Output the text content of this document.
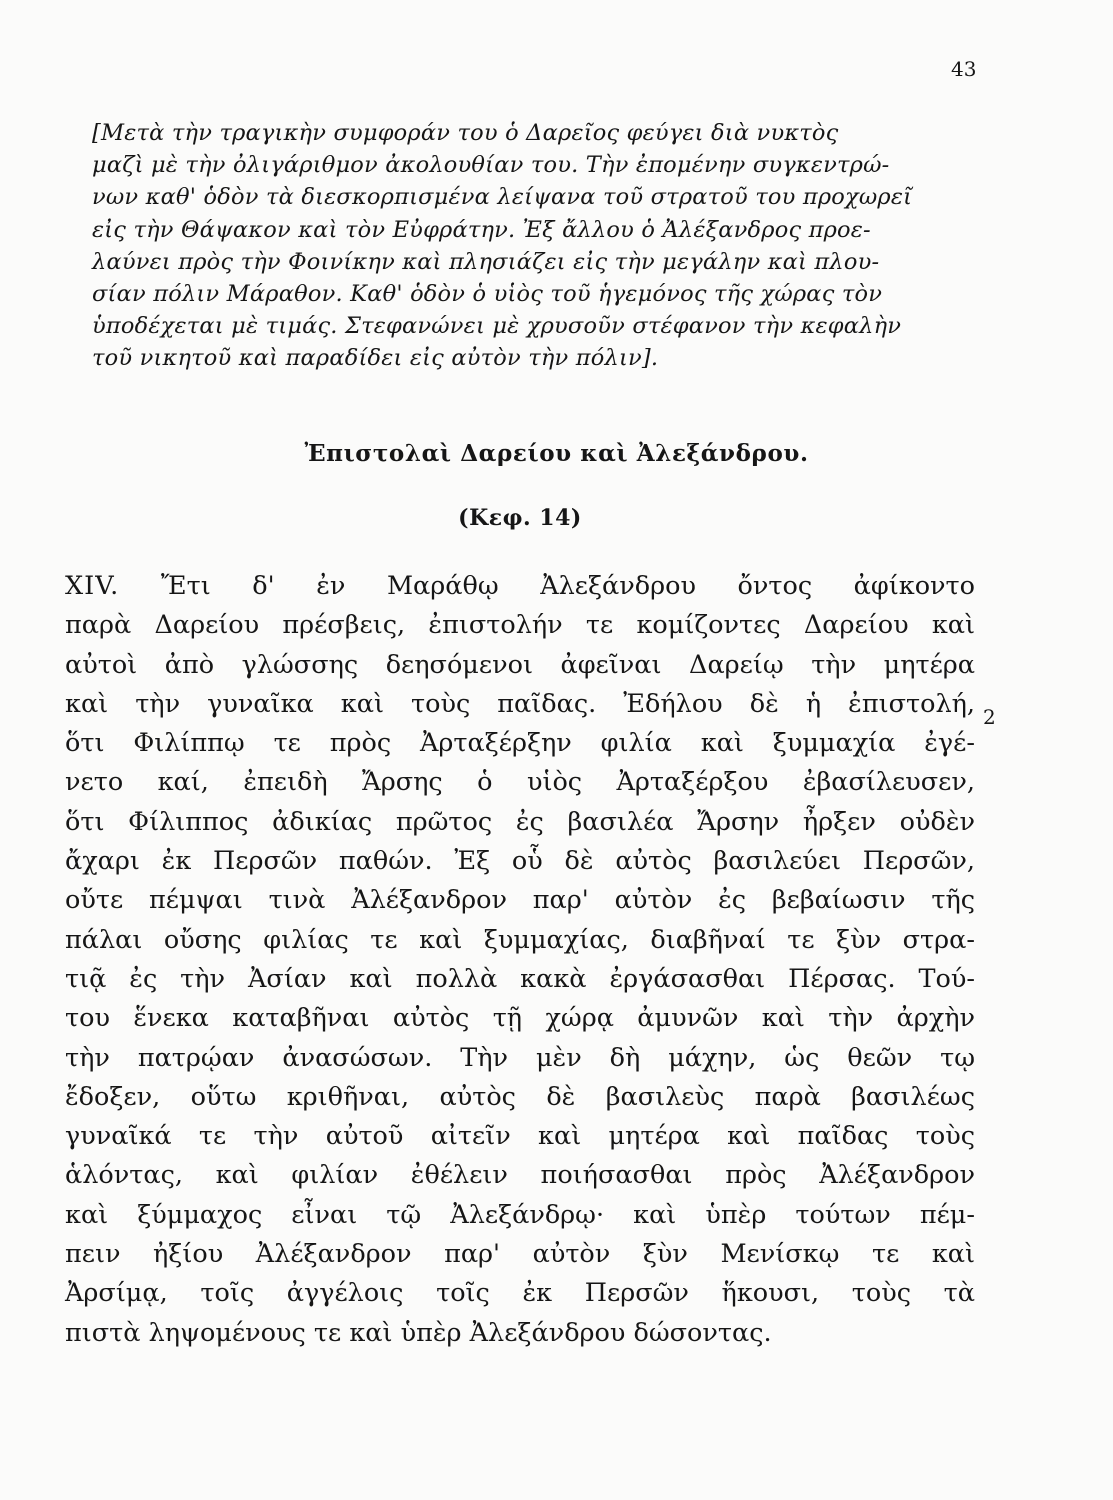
43
[Μετὰ τὴν τραγικὴν συμφοράν του ὁ Δαρεῖος φεύγει διὰ νυκτὸς
μαζὶ μὲ τὴν ὀλιγάριθμον ἀκολουθίαν του. Τὴν ἐπομένην συγκεντρώ-
νων καθ' ὁδὸν τὰ διεσκορπισμένα λείψανα τοῦ στρατοῦ του προχωρεῖ
εἰς τὴν Θάψακον καὶ τὸν Εὐφράτην. Ἐξ ἄλλου ὁ Ἀλέξανδρος προε-
λαύνει πρὸς τὴν Φοινίκην καὶ πλησιάζει εἰς τὴν μεγάλην καὶ πλου-
σίαν πόλιν Μάραθον. Καθ' ὁδὸν ὁ υἱὸς τοῦ ἡγεμόνος τῆς χώρας τὸν
ὑποδέχεται μὲ τιμάς. Στεφανώνει μὲ χρυσοῦν στέφανον τὴν κεφαλὴν
τοῦ νικητοῦ καὶ παραδίδει εἰς αὐτὸν τὴν πόλιν].
Ἐπιστολαὶ Δαρείου καὶ Ἀλεξάνδρου.
(Κεφ. 14)
XIV. Ἔτι δ' ἐν Μαράθῳ Ἀλεξάνδρου ὄντος ἀφίκοντο
παρὰ Δαρείου πρέσβεις, ἐπιστολήν τε κομίζοντες Δαρείου καὶ
αὐτοὶ ἀπὸ γλώσσης δεησόμενοι ἀφεῖναι Δαρείῳ τὴν μητέρα
καὶ τὴν γυναῖκα καὶ τοὺς παῖδας. Ἐδήλου δὲ ἡ ἐπιστολή,
ὅτι Φιλίππῳ τε πρὸς Ἀρταξέρξην φιλία καὶ ξυμμαχία ἐγέ-
νετο καί, ἐπειδὴ Ἄρσης ὁ υἱὸς Ἀρταξέρξου ἐβασίλευσεν,
ὅτι Φίλιππος ἀδικίας πρῶτος ἐς βασιλέα Ἄρσην ἦρξεν οὐδὲν
ἄχαρι ἐκ Περσῶν παθών. Ἐξ οὗ δὲ αὐτὸς βασιλεύει Περσῶν,
οὔτε πέμψαι τινὰ Ἀλέξανδρον παρ' αὐτὸν ἐς βεβαίωσιν τῆς
πάλαι οὔσης φιλίας τε καὶ ξυμμαχίας, διαβῆναί τε ξὺν στρα-
τιᾷ ἐς τὴν Ἀσίαν καὶ πολλὰ κακὰ ἐργάσασθαι Πέρσας. Τού-
του ἕνεκα καταβῆναι αὐτὸς τῇ χώρᾳ ἀμυνῶν καὶ τὴν ἀρχὴν
τὴν πατρῴαν ἀνασώσων. Τὴν μὲν δὴ μάχην, ὡς θεῶν τῳ
ἔδοξεν, οὕτω κριθῆναι, αὐτὸς δὲ βασιλεὺς παρὰ βασιλέως
γυναῖκά τε τὴν αὐτοῦ αἰτεῖν καὶ μητέρα καὶ παῖδας τοὺς
ἁλόντας, καὶ φιλίαν ἐθέλειν ποιήσασθαι πρὸς Ἀλέξανδρον
καὶ ξύμμαχος εἶναι τῷ Ἀλεξάνδρῳ· καὶ ὑπὲρ τούτων πέμ-
πειν ἠξίου Ἀλέξανδρον παρ' αὐτὸν ξὺν Μενίσκῳ τε καὶ
Ἀρσίμᾳ, τοῖς ἀγγέλοις τοῖς ἐκ Περσῶν ἥκουσι, τοὺς τὰ
πιστὰ ληψομένους τε καὶ ὑπὲρ Ἀλεξάνδρου δώσοντας.
2
